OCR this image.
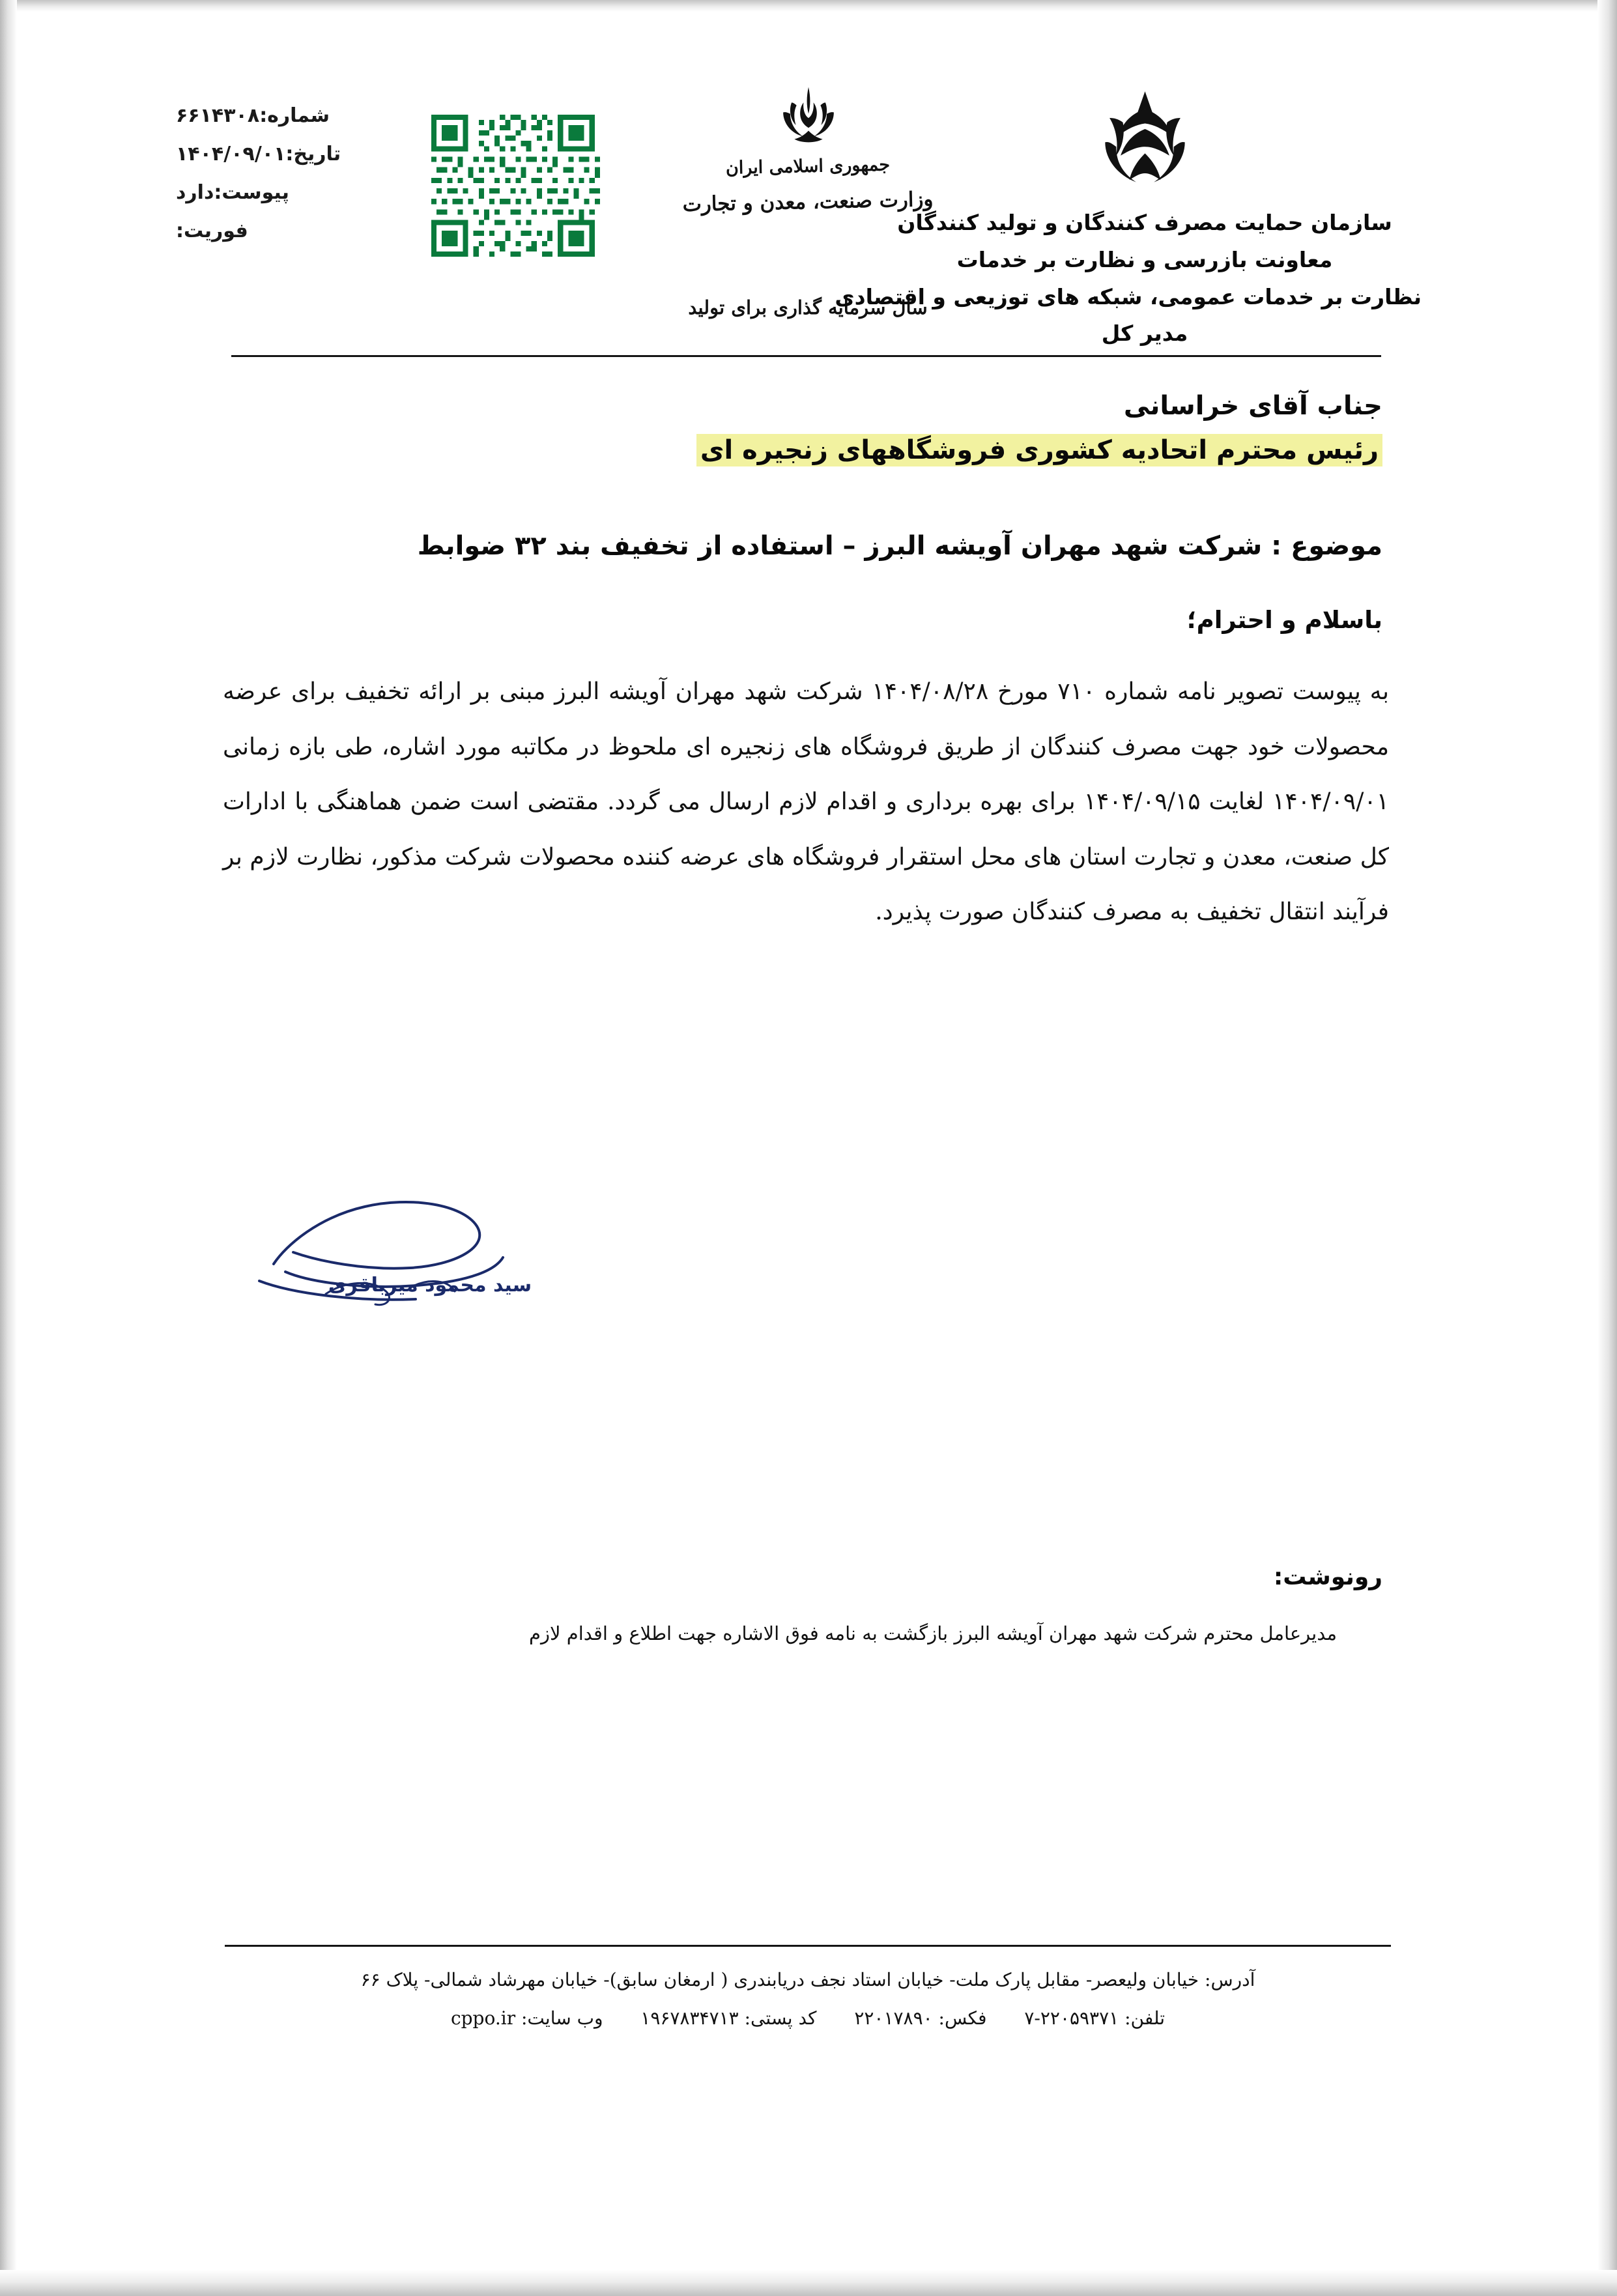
شماره:
۶۶۱۴۳۰۸
تاریخ:
۱۴۰۴/۰۹/۰۱
پیوست:
دارد
فوریت:
جمهوری اسلامی ایران
وزارت صنعت، معدن و تجارت
سال سرمایه گذاری برای تولید
سازمان حمایت مصرف کنندگان و تولید کنندگان
معاونت بازرسی و نظارت بر خدمات
نظارت بر خدمات عمومی، شبکه های توزیعی و اقتصادی
مدیر کل
جناب آقای خراسانی
رئیس محترم اتحادیه کشوری فروشگاههای زنجیره ای
موضوع : شرکت شهد مهران آویشه البرز – استفاده از تخفیف بند ۳۲ ضوابط
باسلام و احترام؛
به پیوست تصویر نامه شماره ۷۱۰ مورخ ۱۴۰۴/۰۸/۲۸ شرکت شهد مهران آویشه البرز مبنی بر ارائه تخفیف برای عرضه محصولات خود جهت مصرف کنندگان از طریق فروشگاه های زنجیره ای ملحوظ در مکاتبه مورد اشاره، طی بازه زمانی ۱۴۰۴/۰۹/۰۱ لغایت ۱۴۰۴/۰۹/۱۵ برای بهره برداری و اقدام لازم ارسال می گردد. مقتضی است ضمن هماهنگی با ادارات کل صنعت، معدن و تجارت استان های محل استقرار فروشگاه های عرضه کننده محصولات شرکت مذکور، نظارت لازم بر فرآیند انتقال تخفیف به مصرف کنندگان صورت پذیرد.
سید محمود میرباقری
رونوشت:
مدیرعامل محترم شرکت شهد مهران آویشه البرز بازگشت به نامه فوق الاشاره جهت اطلاع و اقدام لازم
آدرس: خیابان ولیعصر- مقابل پارک ملت- خیابان استاد نجف دریابندری ( ارمغان سابق)- خیابان مهرشاد شمالی- پلاک ۶۶
تلفن: ۲۲۰۵۹۳۷۱-۷  فکس: ۲۲۰۱۷۸۹۰  کد پستی: ۱۹۶۷۸۳۴۷۱۳  وب سایت: cppo.ir
